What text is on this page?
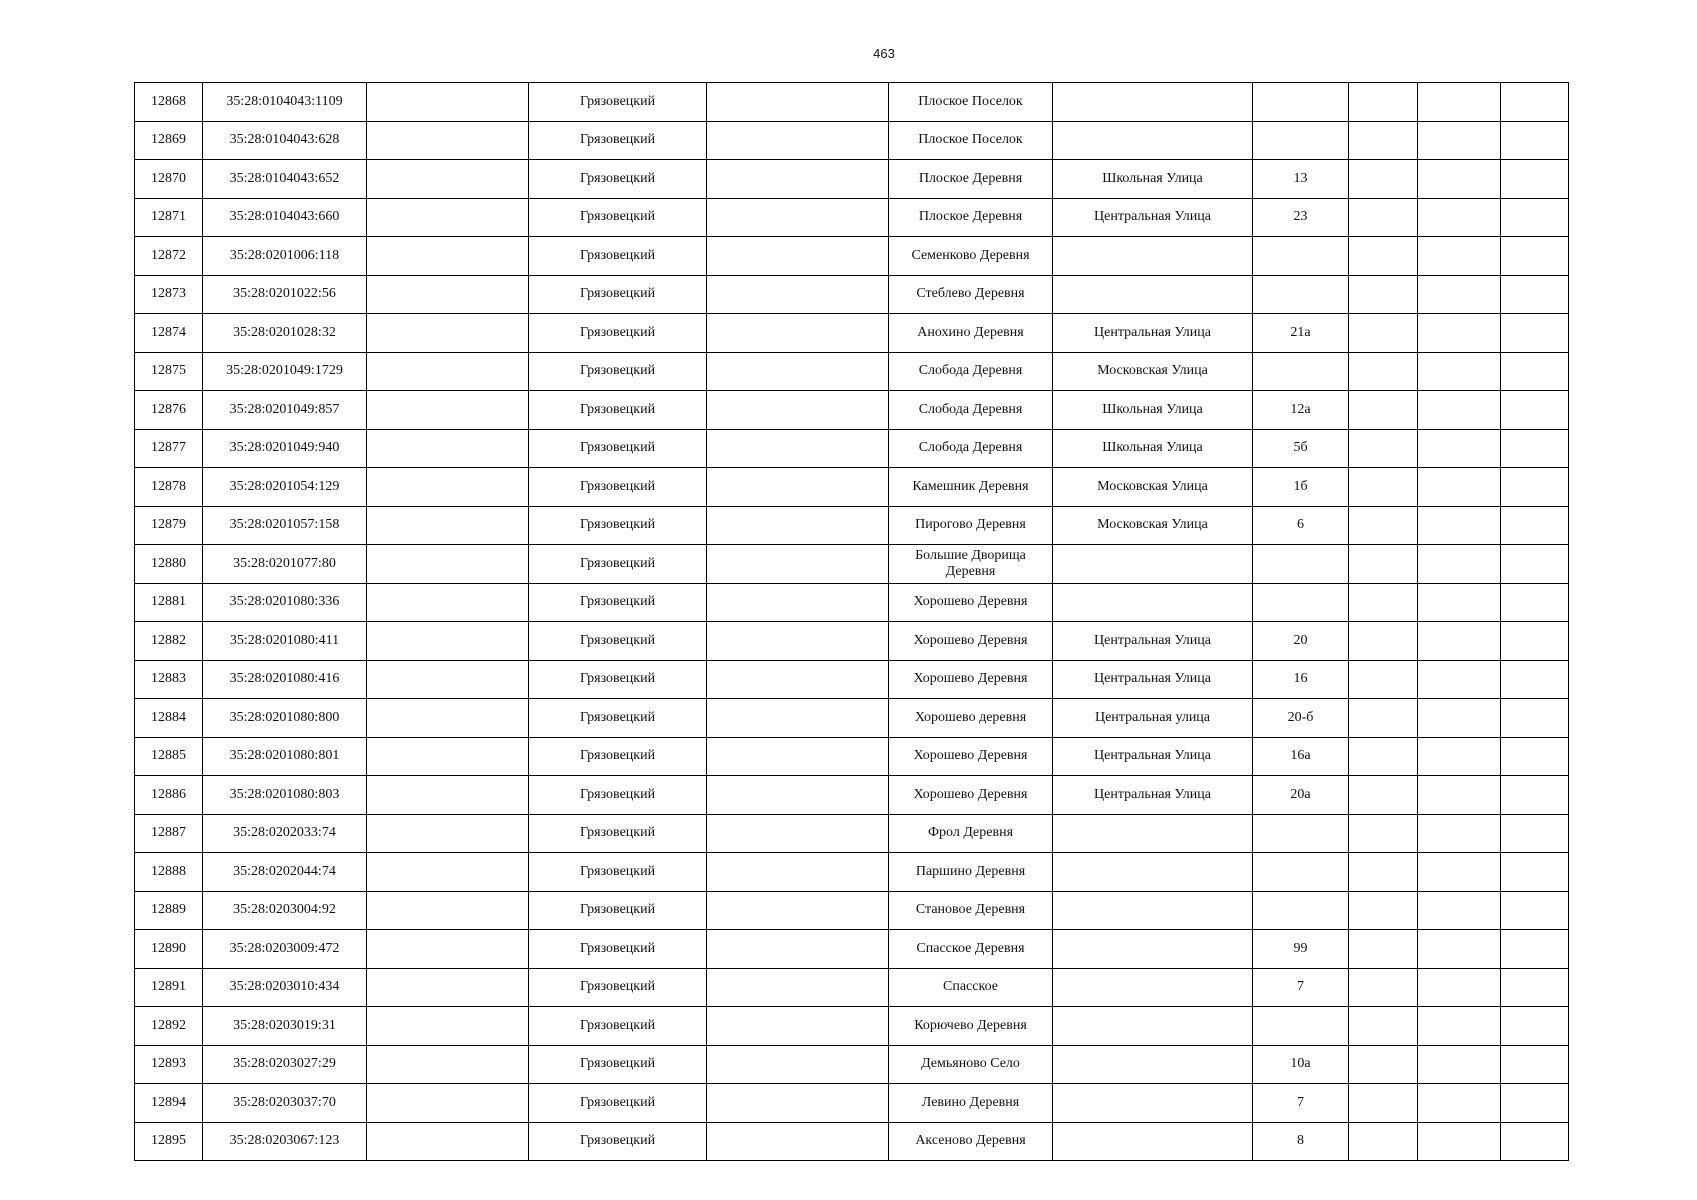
463
12868	35:28:0104043:1109		Грязовецкий		Плоское Поселок					
12869	35:28:0104043:628		Грязовецкий		Плоское Поселок					
12870	35:28:0104043:652		Грязовецкий		Плоское Деревня	Школьная Улица	13			
12871	35:28:0104043:660		Грязовецкий		Плоское Деревня	Центральная Улица	23			
12872	35:28:0201006:118		Грязовецкий		Семенково Деревня					
12873	35:28:0201022:56		Грязовецкий		Стеблево Деревня					
12874	35:28:0201028:32		Грязовецкий		Анохино Деревня	Центральная Улица	21а			
12875	35:28:0201049:1729		Грязовецкий		Слобода Деревня	Московская Улица				
12876	35:28:0201049:857		Грязовецкий		Слобода Деревня	Школьная Улица	12а			
12877	35:28:0201049:940		Грязовецкий		Слобода Деревня	Школьная Улица	5б			
12878	35:28:0201054:129		Грязовецкий		Камешник Деревня	Московская Улица	1б			
12879	35:28:0201057:158		Грязовецкий		Пирогово Деревня	Московская Улица	6			
12880	35:28:0201077:80		Грязовецкий		Большие Дворища Деревня					
12881	35:28:0201080:336		Грязовецкий		Хорошево Деревня					
12882	35:28:0201080:411		Грязовецкий		Хорошево Деревня	Центральная Улица	20			
12883	35:28:0201080:416		Грязовецкий		Хорошево Деревня	Центральная Улица	16			
12884	35:28:0201080:800		Грязовецкий		Хорошево деревня	Центральная улица	20-б			
12885	35:28:0201080:801		Грязовецкий		Хорошево Деревня	Центральная Улица	16а			
12886	35:28:0201080:803		Грязовецкий		Хорошево Деревня	Центральная Улица	20а			
12887	35:28:0202033:74		Грязовецкий		Фрол Деревня					
12888	35:28:0202044:74		Грязовецкий		Паршино Деревня					
12889	35:28:0203004:92		Грязовецкий		Становое Деревня					
12890	35:28:0203009:472		Грязовецкий		Спасское Деревня		99			
12891	35:28:0203010:434		Грязовецкий		Спасское		7			
12892	35:28:0203019:31		Грязовецкий		Корючево Деревня					
12893	35:28:0203027:29		Грязовецкий		Демьяново Село		10а			
12894	35:28:0203037:70		Грязовецкий		Левино Деревня		7			
12895	35:28:0203067:123		Грязовецкий		Аксеново Деревня		8			
